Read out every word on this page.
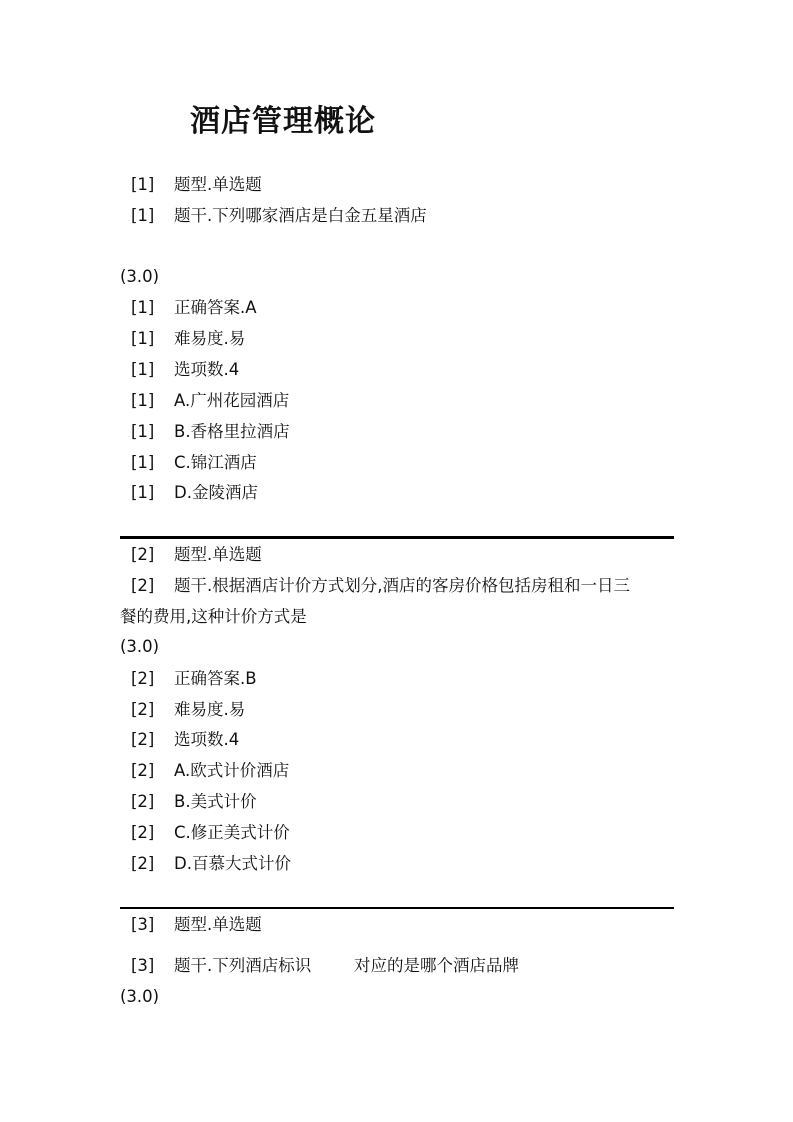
酒店管理概论
[1] 题型.单选题
[1] 题干.下列哪家酒店是白金五星酒店
(3.0)
[1] 正确答案.A
[1] 难易度.易
[1] 选项数.4
[1] A.广州花园酒店
[1] B.香格里拉酒店
[1] C.锦江酒店
[1] D.金陵酒店
[2] 题型.单选题
[2] 题干.根据酒店计价方式划分,酒店的客房价格包括房租和一日三
餐的费用,这种计价方式是
(3.0)
[2] 正确答案.B
[2] 难易度.易
[2] 选项数.4
[2] A.欧式计价酒店
[2] B.美式计价
[2] C.修正美式计价
[2] D.百慕大式计价
[3] 题型.单选题
[3] 题干.下列酒店标识	对应的是哪个酒店品牌
(3.0)
